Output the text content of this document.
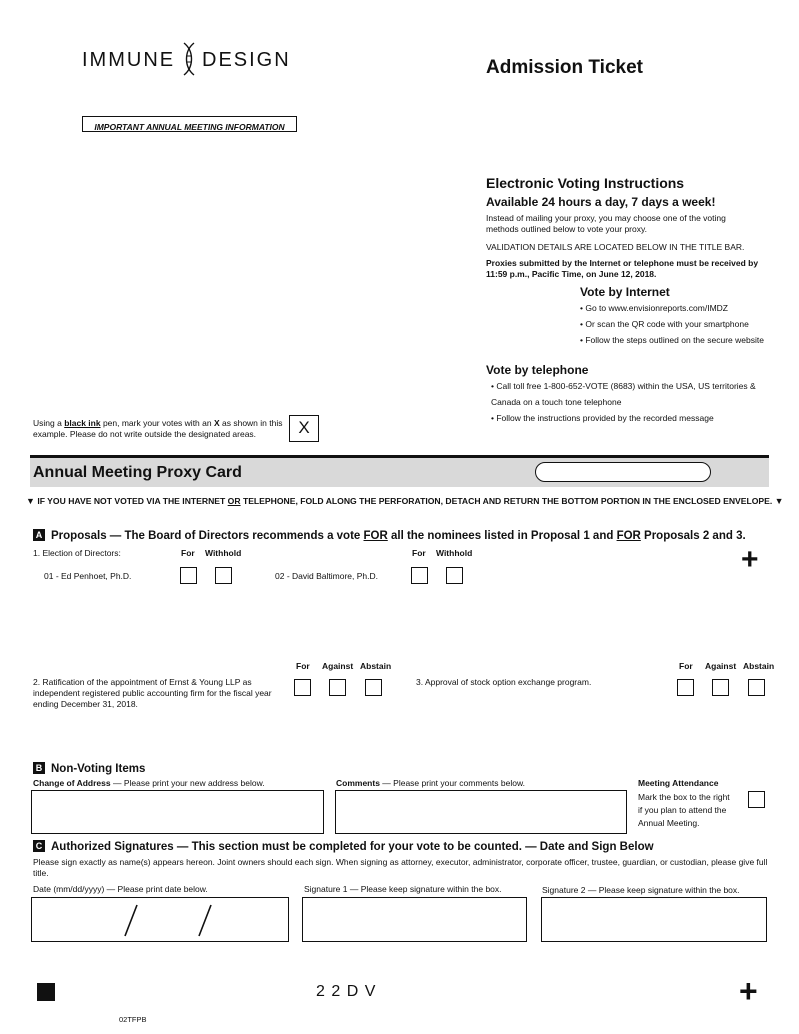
IMMUNE DESIGN	Admission Ticket
IMPORTANT ANNUAL MEETING INFORMATION
Electronic Voting Instructions
Available 24 hours a day, 7 days a week!
Instead of mailing your proxy, you may choose one of the voting methods outlined below to vote your proxy.
VALIDATION DETAILS ARE LOCATED BELOW IN THE TITLE BAR.
Proxies submitted by the Internet or telephone must be received by 11:59 p.m., Pacific Time, on June 12, 2018.
Vote by Internet
• Go to www.envisionreports.com/IMDZ
• Or scan the QR code with your smartphone
• Follow the steps outlined on the secure website
Vote by telephone
• Call toll free 1-800-652-VOTE (8683) within the USA, US territories & Canada on a touch tone telephone
• Follow the instructions provided by the recorded message
Using a black ink pen, mark your votes with an X as shown in this example. Please do not write outside the designated areas.	X
Annual Meeting Proxy Card
▼ IF YOU HAVE NOT VOTED VIA THE INTERNET OR TELEPHONE, FOLD ALONG THE PERFORATION, DETACH AND RETURN THE BOTTOM PORTION IN THE ENCLOSED ENVELOPE. ▼
A Proposals — The Board of Directors recommends a vote FOR all the nominees listed in Proposal 1 and FOR Proposals 2 and 3.
1. Election of Directors:	For Withhold	For Withhold
01 - Ed Penhoet, Ph.D.	02 - David Baltimore, Ph.D.	+
For Against Abstain
2. Ratification of the appointment of Ernst & Young LLP as independent registered public accounting firm for the fiscal year ending December 31, 2018.
3. Approval of stock option exchange program.
For Against Abstain
B Non-Voting Items
Change of Address — Please print your new address below.	Comments — Please print your comments below.	Meeting Attendance
Mark the box to the right if you plan to attend the Annual Meeting.
C Authorized Signatures — This section must be completed for your vote to be counted. — Date and Sign Below
Please sign exactly as name(s) appears hereon. Joint owners should each sign. When signing as attorney, executor, administrator, corporate officer, trustee, guardian, or custodian, please give full title.
Date (mm/dd/yyyy) — Please print date below.	Signature 1 — Please keep signature within the box.	Signature 2 — Please keep signature within the box.
2 2 D V	+
02TFPB
